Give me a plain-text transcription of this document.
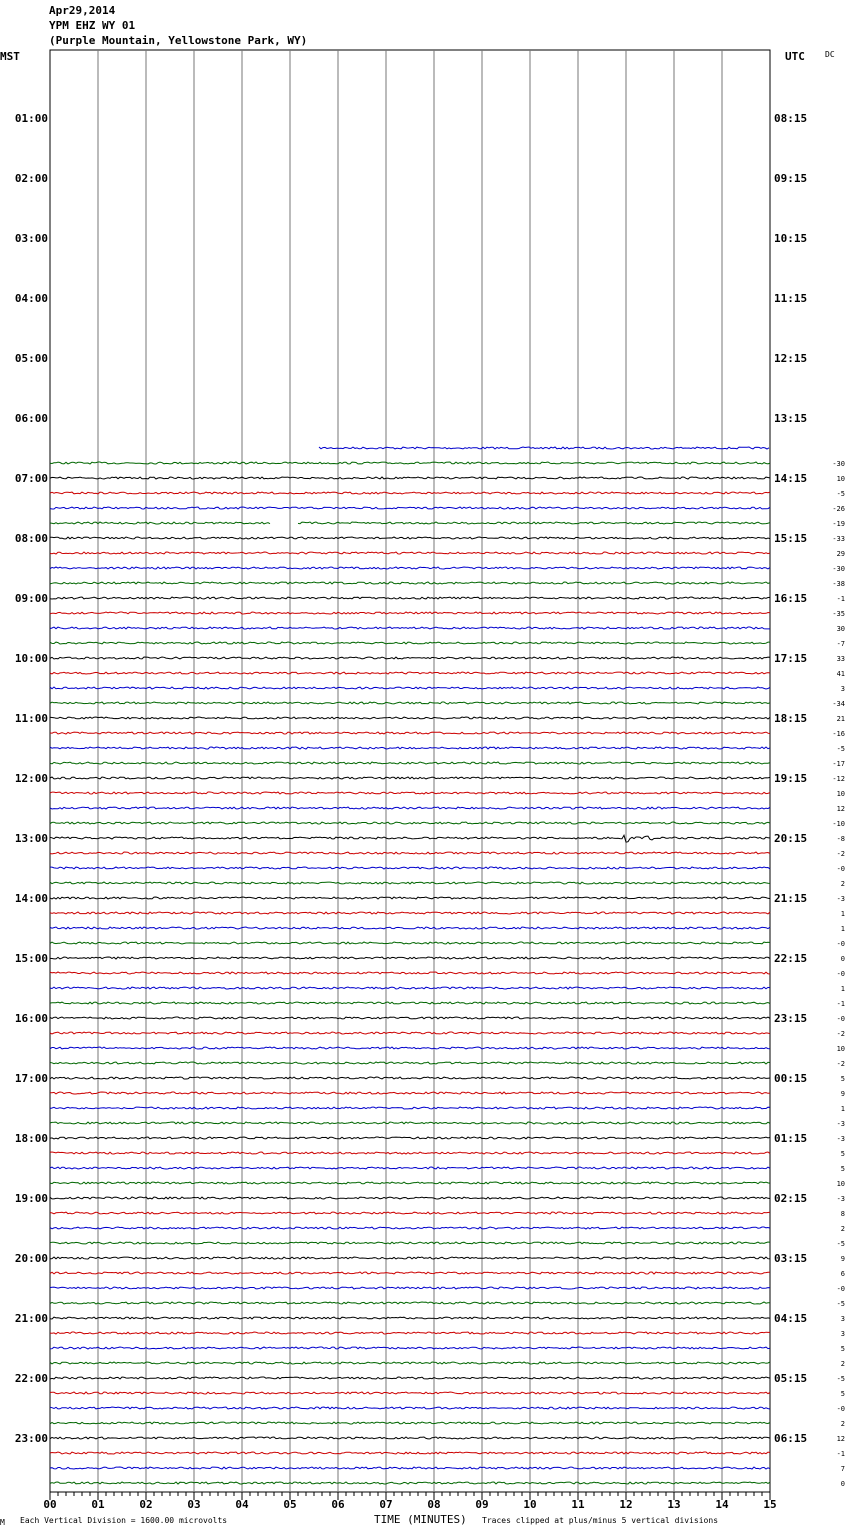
Apr29,2014
YPM EHZ WY 01
(Purple Mountain, Yellowstone Park, WY)
MST	UTC	DC
00	01	02	03	04	05	06	07	08	09	10	11	12	13	14	15
01:00
02:00
03:00
04:00
05:00
06:00
07:00
08:00
09:00
10:00
11:00
12:00
13:00
14:00
15:00
16:00
17:00
18:00
19:00
20:00
21:00
22:00
23:00
08:15
09:15
10:15
11:15
12:15
13:15
14:15
15:15
16:15
17:15
18:15
19:15
20:15
21:15
22:15
23:15
00:15
01:15
02:15
03:15
04:15
05:15
06:15
-30
10
-5
-26
-19
-33
29
-30
-38
-1
-35
30
-7
33
41
3
-34
21
-16
-5
-17
-12
10
12
-10
-8
-2
-0
2
-3
1
1
-0
0
-0
1
-1
-0
-2
10
-2
5
9
1
-3
-3
5
5
10
-3
8
2
-5
9
6
-0
-5
3
3
5
2
-5
5
-0
2
12
-1
7
0
M Each Vertical Division = 1600.00 microvolts	TIME (MINUTES) Traces clipped at plus/minus 5 vertical divisions
